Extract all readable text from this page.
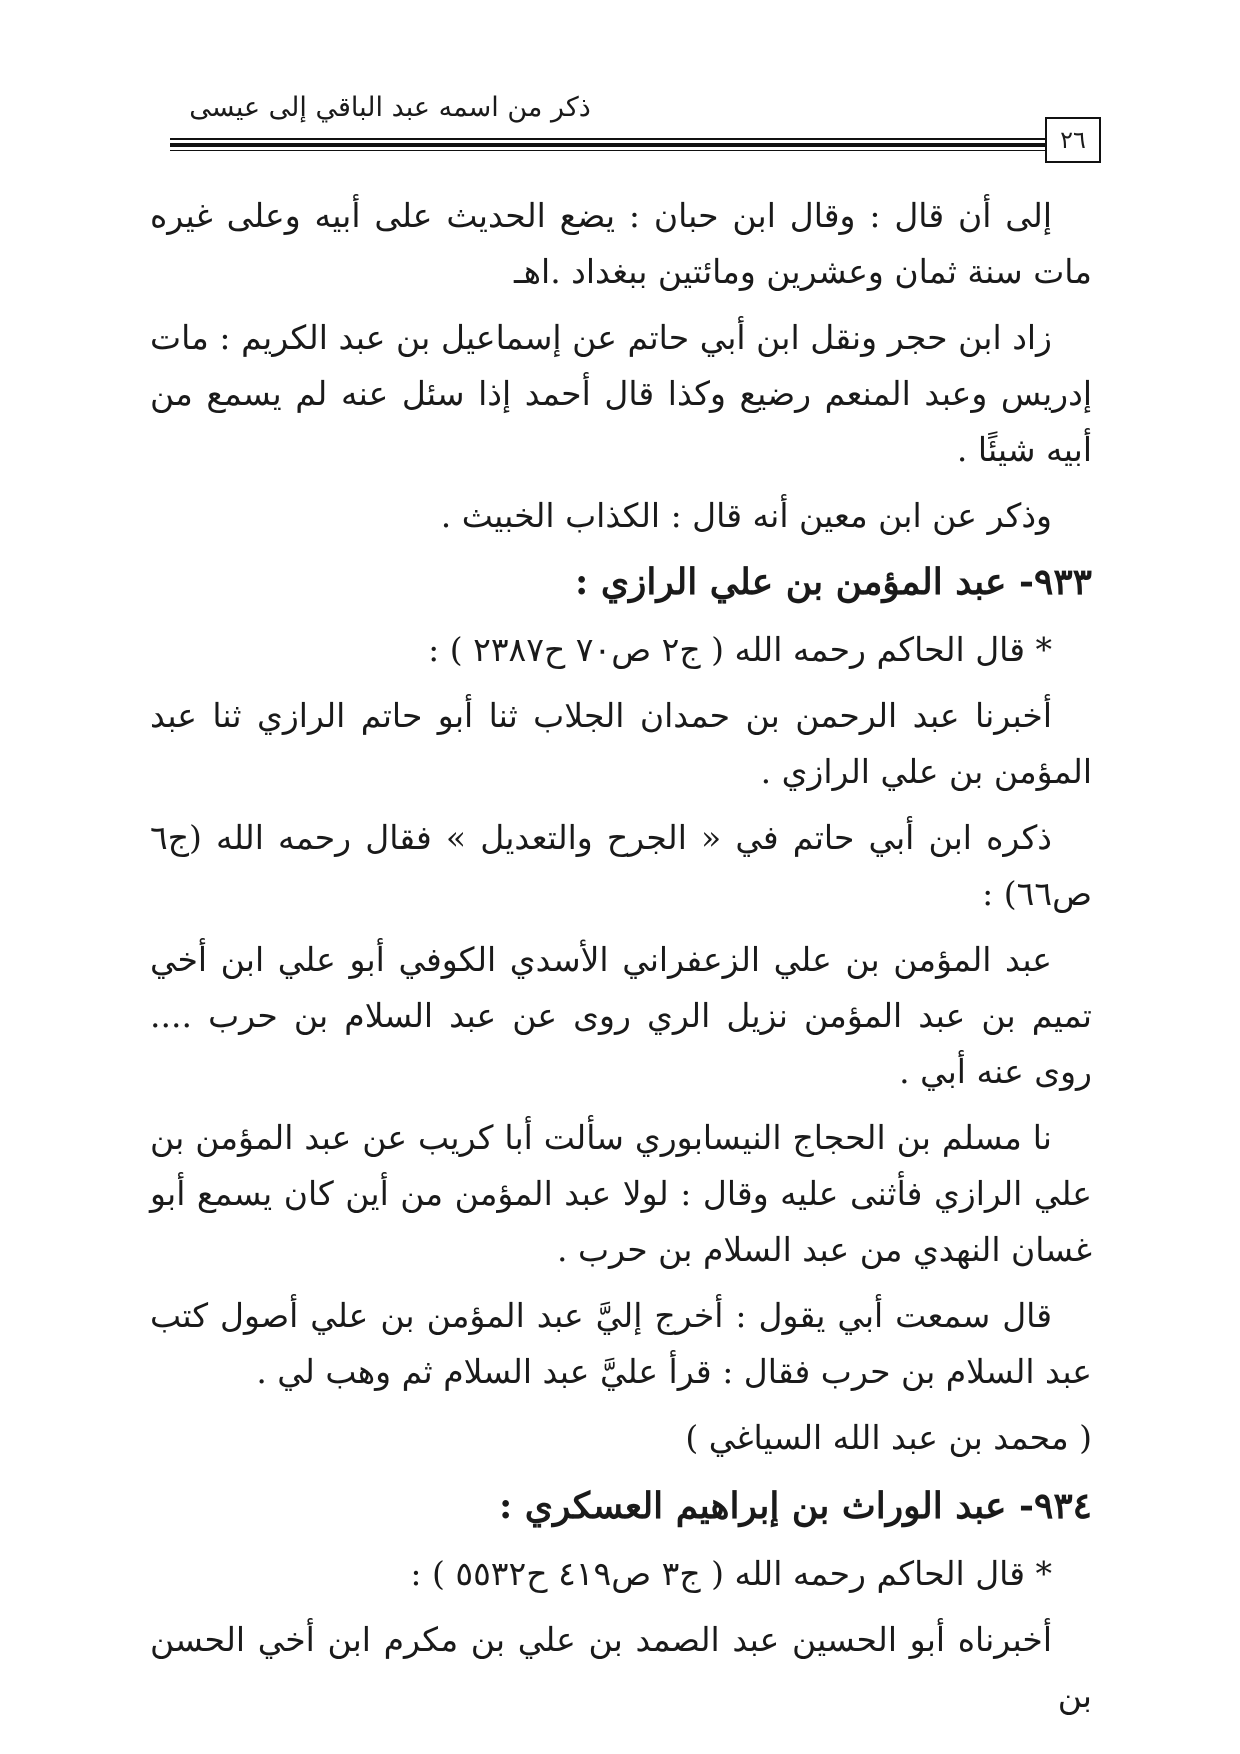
ذكر من اسمه عبد الباقي إلى عيسى
٢٦

إلى أن قال : وقال ابن حبان : يضع الحديث على أبيه وعلى غيره مات سنة ثمان وعشرين ومائتين ببغداد .اهـ

زاد ابن حجر ونقل ابن أبي حاتم عن إسماعيل بن عبد الكريم : مات إدريس وعبد المنعم رضيع وكذا قال أحمد إذا سئل عنه لم يسمع من أبيه شيئًا .

وذكر عن ابن معين أنه قال : الكذاب الخبيث .

٩٣٣- عبد المؤمن بن علي الرازي :

* قال الحاكم رحمه الله ( ج٢ ص٧٠ ح٢٣٨٧ ) :

أخبرنا عبد الرحمن بن حمدان الجلاب ثنا أبو حاتم الرازي ثنا عبد المؤمن بن علي الرازي .

ذكره ابن أبي حاتم في « الجرح والتعديل » فقال رحمه الله (ج٦ ص٦٦) :

عبد المؤمن بن علي الزعفراني الأسدي الكوفي أبو علي ابن أخي تميم بن عبد المؤمن نزيل الري روى عن عبد السلام بن حرب .... روى عنه أبي .

نا مسلم بن الحجاج النيسابوري سألت أبا كريب عن عبد المؤمن بن علي الرازي فأثنى عليه وقال : لولا عبد المؤمن من أين كان يسمع أبو غسان النهدي من عبد السلام بن حرب .

قال سمعت أبي يقول : أخرج إليَّ عبد المؤمن بن علي أصول كتب عبد السلام بن حرب فقال : قرأ عليَّ عبد السلام ثم وهب لي .

( محمد بن عبد الله السياغي )

٩٣٤- عبد الوراث بن إبراهيم العسكري :

* قال الحاكم رحمه الله ( ج٣ ص٤١٩ ح٥٥٣٢ ) :

أخبرناه أبو الحسين عبد الصمد بن علي بن مكرم ابن أخي الحسن بن
